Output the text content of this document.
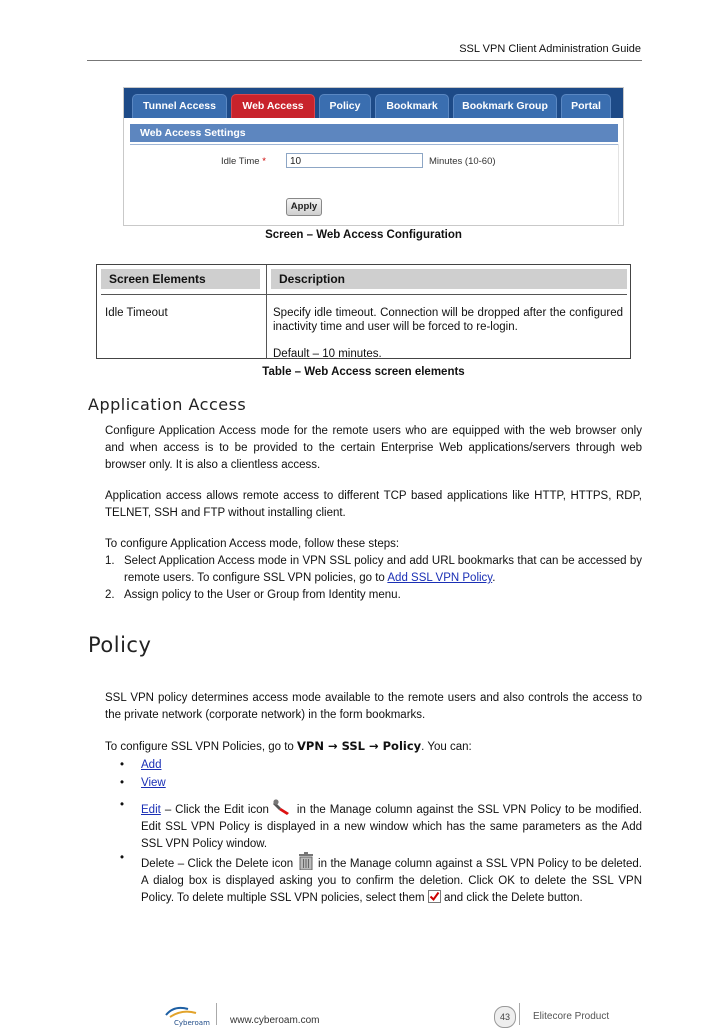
SSL VPN Client Administration Guide
Tunnel Access	Web Access	Policy	Bookmark	Bookmark Group	Portal
Web Access Settings
Idle Time *	10	Minutes (10-60)
Apply
Screen – Web Access Configuration
Screen Elements	Description
Idle Timeout	Specify idle timeout. Connection will be dropped after the configured inactivity time and user will be forced to re-login.
Default – 10 minutes.
Table – Web Access screen elements
Application Access
Configure Application Access mode for the remote users who are equipped with the web browser only and when access is to be provided to the certain Enterprise Web applications/servers through web browser only. It is also a clientless access.
Application access allows remote access to different TCP based applications like HTTP, HTTPS, RDP, TELNET, SSH and FTP without installing client.
To configure Application Access mode, follow these steps:
1. Select Application Access mode in VPN SSL policy and add URL bookmarks that can be accessed by remote users. To configure SSL VPN policies, go to Add SSL VPN Policy.
2. Assign policy to the User or Group from Identity menu.
Policy
SSL VPN policy determines access mode available to the remote users and also controls the access to the private network (corporate network) in the form bookmarks.
To configure SSL VPN Policies, go to VPN → SSL → Policy. You can:
• Add
• View
• Edit – Click the Edit icon in the Manage column against the SSL VPN Policy to be modified. Edit SSL VPN Policy is displayed in a new window which has the same parameters as the Add SSL VPN Policy window.
• Delete – Click the Delete icon in the Manage column against a SSL VPN Policy to be deleted. A dialog box is displayed asking you to confirm the deletion. Click OK to delete the SSL VPN Policy. To delete multiple SSL VPN policies, select them and click the Delete button.
Cyberoam www.cyberoam.com	43	Elitecore Product
